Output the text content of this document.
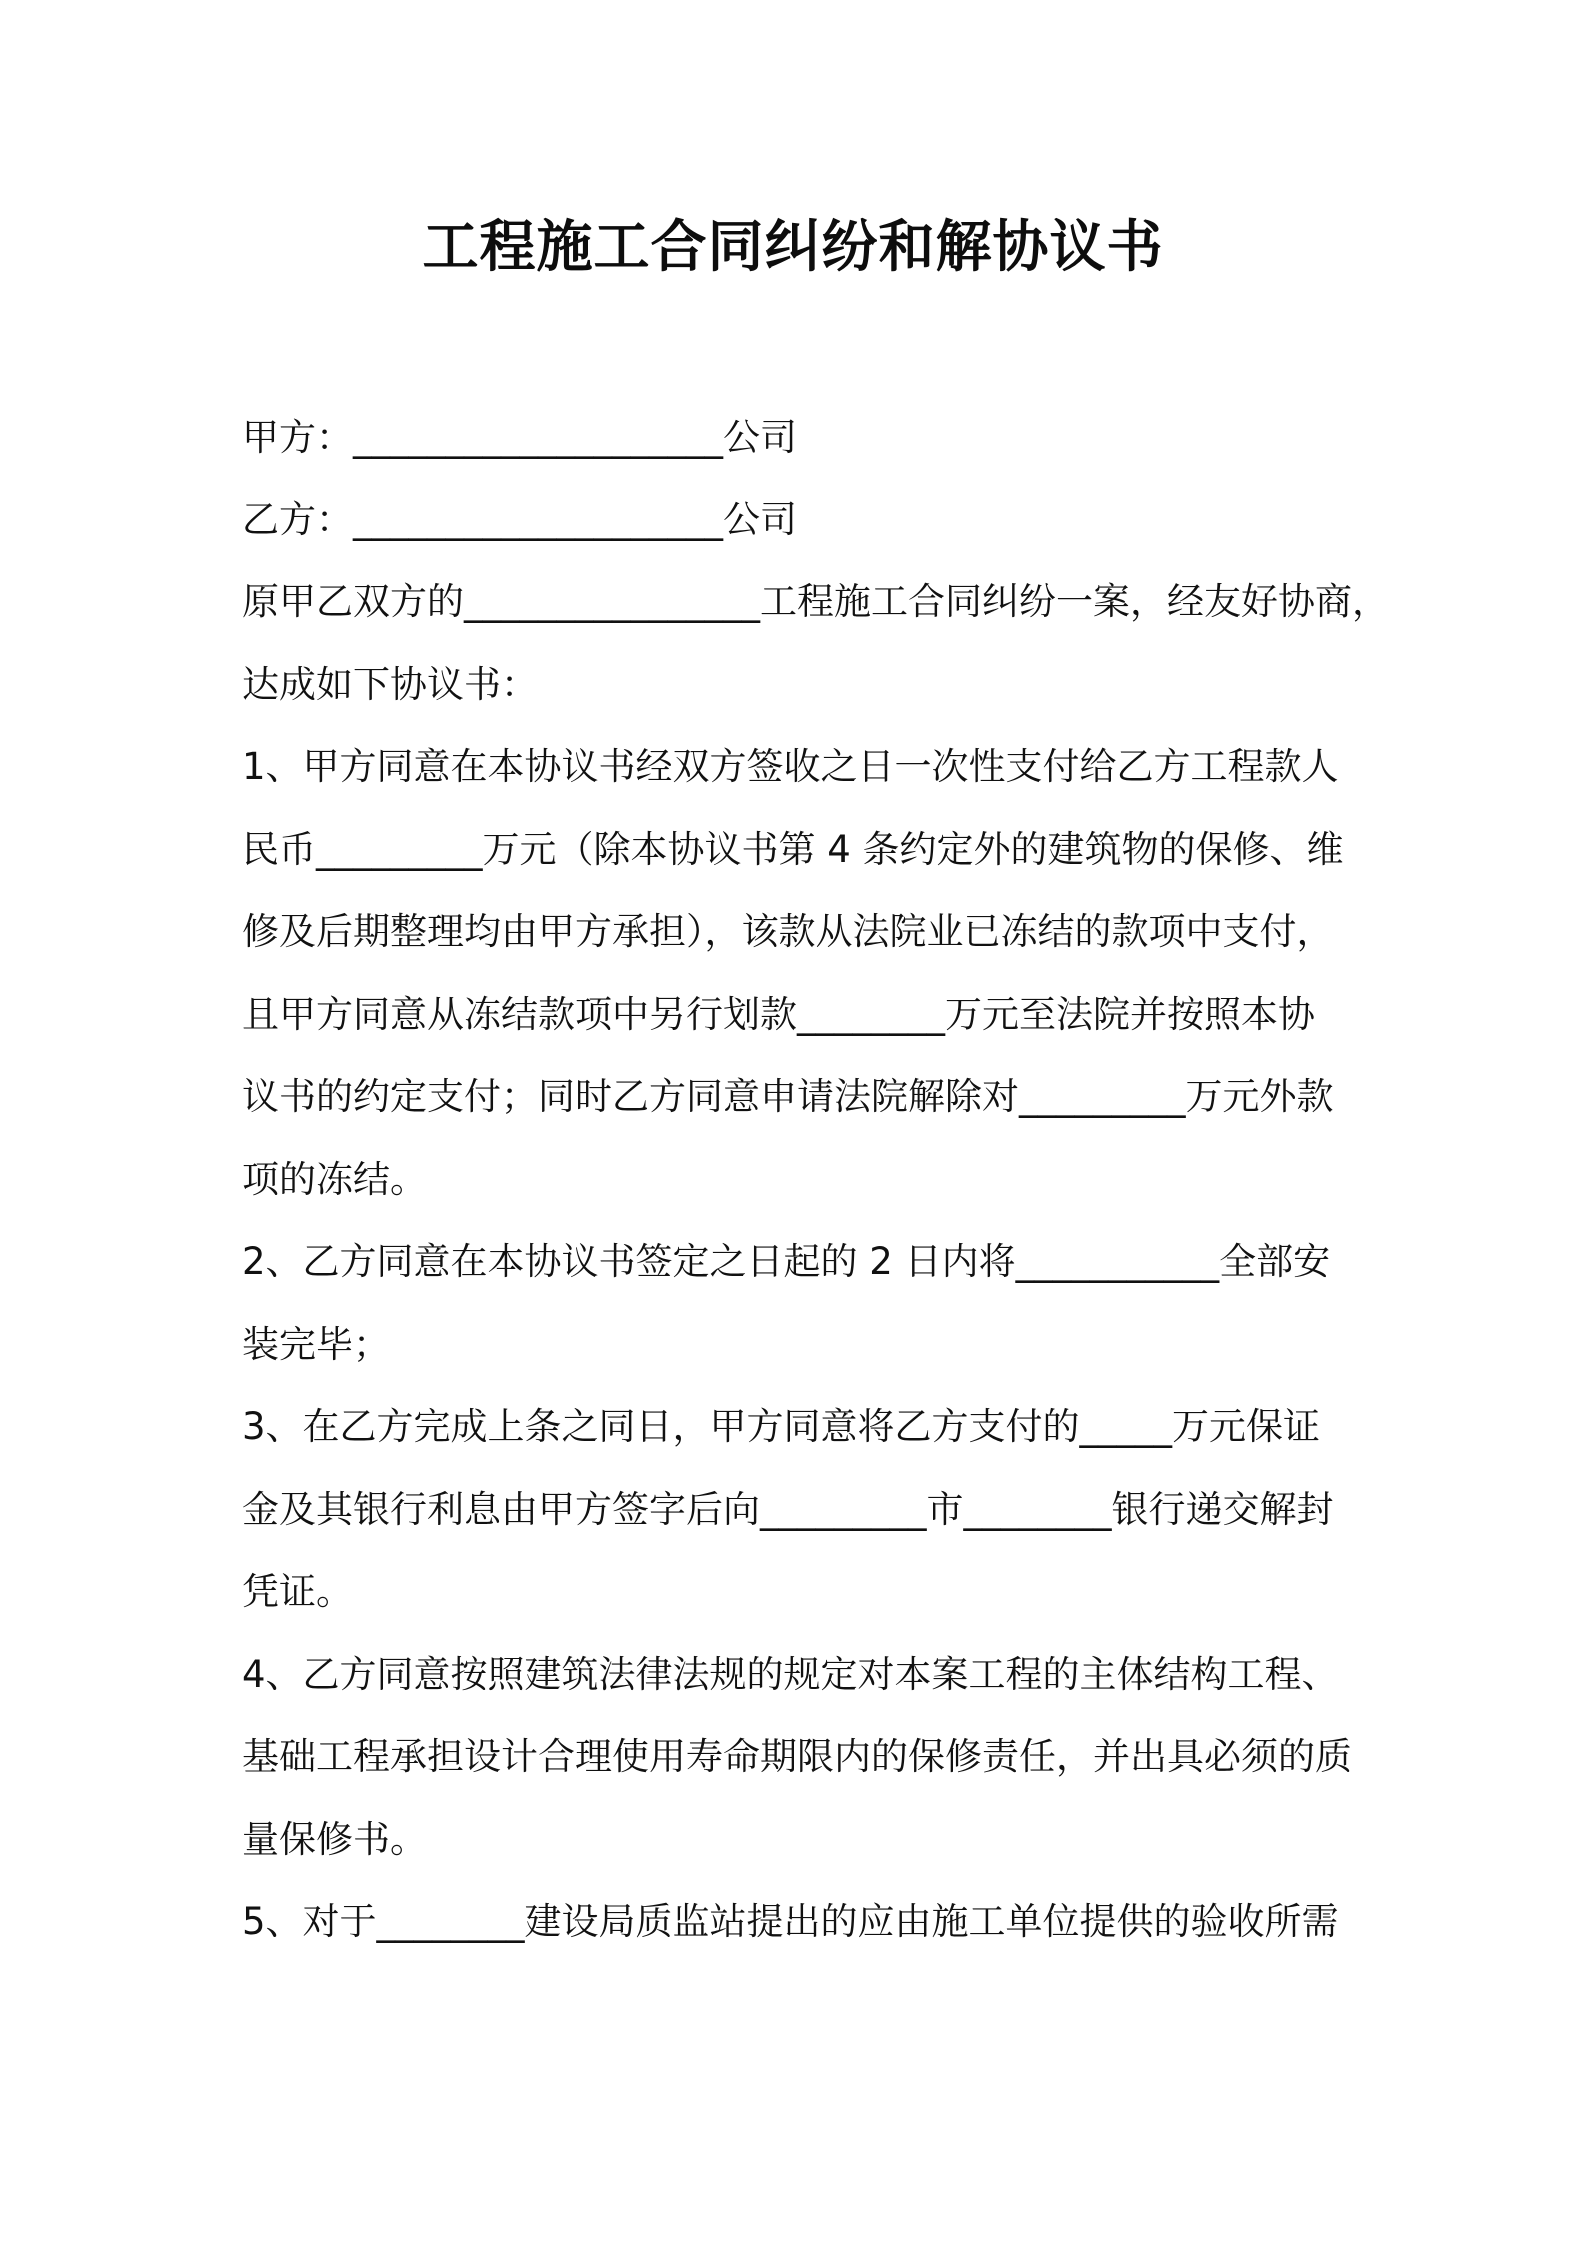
工程施工合同纠纷和解协议书
甲方：____________________公司
乙方：____________________公司
原甲乙双方的________________工程施工合同纠纷一案，经友好协商，
达成如下协议书：
1、甲方同意在本协议书经双方签收之日一次性支付给乙方工程款人
民币_________万元（除本协议书第 4 条约定外的建筑物的保修、维
修及后期整理均由甲方承担），该款从法院业已冻结的款项中支付，
且甲方同意从冻结款项中另行划款________万元至法院并按照本协
议书的约定支付；同时乙方同意申请法院解除对_________万元外款
项的冻结。
2、乙方同意在本协议书签定之日起的 2 日内将___________全部安
装完毕；
3、在乙方完成上条之同日，甲方同意将乙方支付的_____万元保证
金及其银行利息由甲方签字后向_________市________银行递交解封
凭证。
4、乙方同意按照建筑法律法规的规定对本案工程的主体结构工程、
基础工程承担设计合理使用寿命期限内的保修责任，并出具必须的质
量保修书。
5、对于________建设局质监站提出的应由施工单位提供的验收所需
